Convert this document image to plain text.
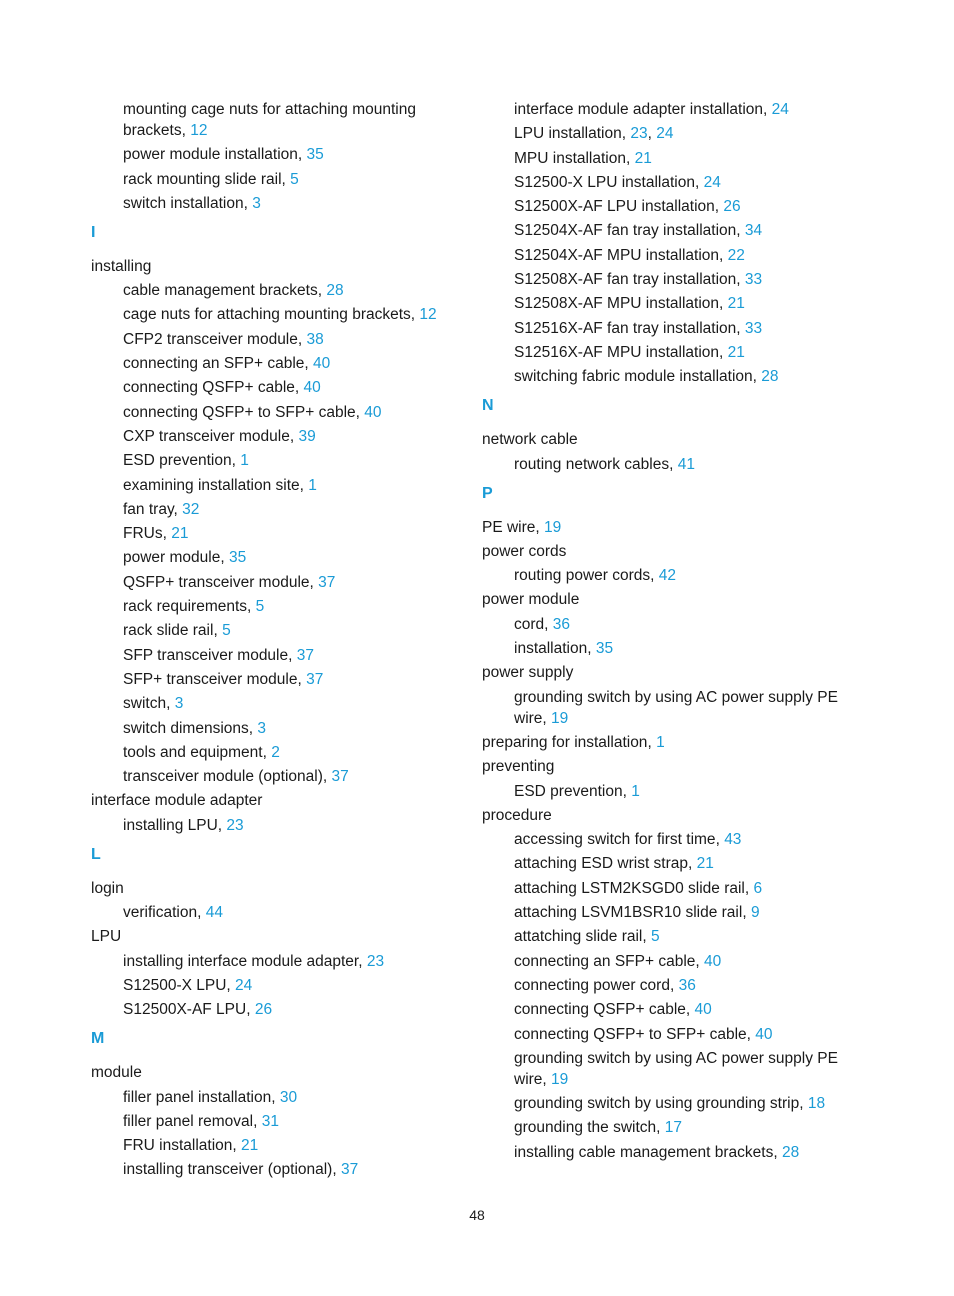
mounting cage nuts for attaching mounting brackets, 12
power module installation, 35
rack mounting slide rail, 5
switch installation, 3
I
installing
cable management brackets, 28
cage nuts for attaching mounting brackets, 12
CFP2 transceiver module, 38
connecting an SFP+ cable, 40
connecting QSFP+ cable, 40
connecting QSFP+ to SFP+ cable, 40
CXP transceiver module, 39
ESD prevention, 1
examining installation site, 1
fan tray, 32
FRUs, 21
power module, 35
QSFP+ transceiver module, 37
rack requirements, 5
rack slide rail, 5
SFP transceiver module, 37
SFP+ transceiver module, 37
switch, 3
switch dimensions, 3
tools and equipment, 2
transceiver module (optional), 37
interface module adapter
installing LPU, 23
L
login
verification, 44
LPU
installing interface module adapter, 23
S12500-X LPU, 24
S12500X-AF LPU, 26
M
module
filler panel installation, 30
filler panel removal, 31
FRU installation, 21
installing transceiver (optional), 37
interface module adapter installation, 24
LPU installation, 23, 24
MPU installation, 21
S12500-X LPU installation, 24
S12500X-AF LPU installation, 26
S12504X-AF fan tray installation, 34
S12504X-AF MPU installation, 22
S12508X-AF fan tray installation, 33
S12508X-AF MPU installation, 21
S12516X-AF fan tray installation, 33
S12516X-AF MPU installation, 21
switching fabric module installation, 28
N
network cable
routing network cables, 41
P
PE wire, 19
power cords
routing power cords, 42
power module
cord, 36
installation, 35
power supply
grounding switch by using AC power supply PE wire, 19
preparing for installation, 1
preventing
ESD prevention, 1
procedure
accessing switch for first time, 43
attaching ESD wrist strap, 21
attaching LSTM2KSGD0 slide rail, 6
attaching LSVM1BSR10 slide rail, 9
attatching slide rail, 5
connecting an SFP+ cable, 40
connecting power cord, 36
connecting QSFP+ cable, 40
connecting QSFP+ to SFP+ cable, 40
grounding switch by using AC power supply PE wire, 19
grounding switch by using grounding strip, 18
grounding the switch, 17
installing cable management brackets, 28
48
